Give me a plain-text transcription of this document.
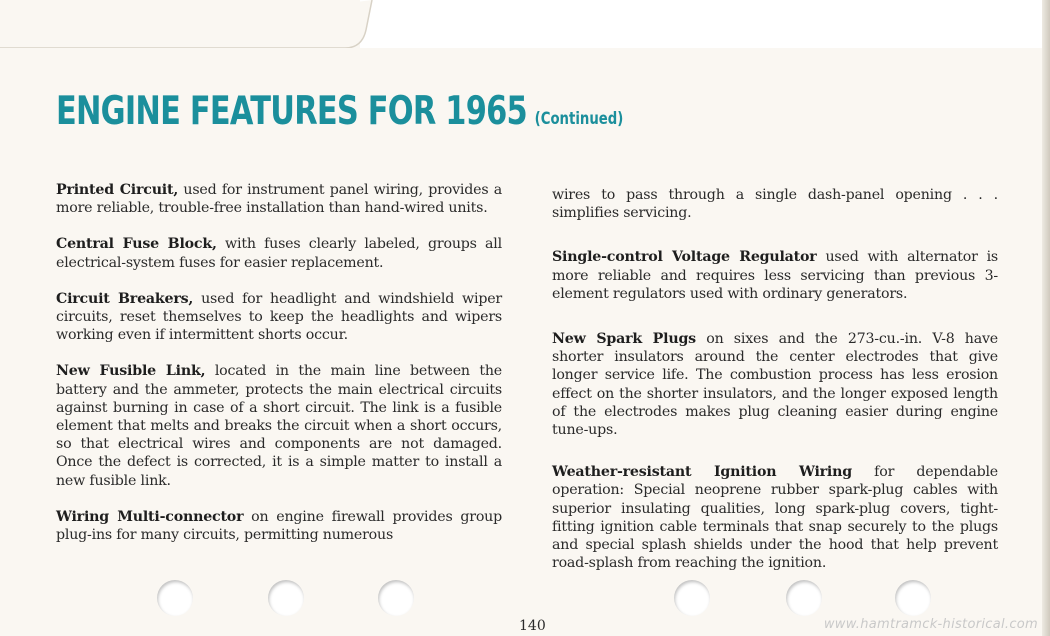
ENGINE FEATURES FOR 1965 (Continued)

Printed Circuit, used for instrument panel wiring, provides a more reliable, trouble-free installation than hand-wired units.

Central Fuse Block, with fuses clearly labeled, groups all electrical-system fuses for easier replacement.

Circuit Breakers, used for headlight and windshield wiper circuits, reset themselves to keep the headlights and wipers working even if intermittent shorts occur.

New Fusible Link, located in the main line between the battery and the ammeter, protects the main electrical circuits against burning in case of a short circuit. The link is a fusible element that melts and breaks the circuit when a short occurs, so that electrical wires and components are not damaged. Once the defect is corrected, it is a simple matter to install a new fusible link.

Wiring Multi-connector on engine firewall provides group plug-ins for many circuits, permitting numerous

wires to pass through a single dash-panel opening . . . simplifies servicing.

Single-control Voltage Regulator used with alternator is more reliable and requires less servicing than previous 3-element regulators used with ordinary generators.

New Spark Plugs on sixes and the 273-cu.-in. V-8 have shorter insulators around the center electrodes that give longer service life. The combustion process has less erosion effect on the shorter insulators, and the longer exposed length of the electrodes makes plug cleaning easier during engine tune-ups.

Weather-resistant Ignition Wiring for dependable operation: Special neoprene rubber spark-plug cables with superior insulating qualities, long spark-plug covers, tight-fitting ignition cable terminals that snap securely to the plugs and special splash shields under the hood that help prevent road-splash from reaching the ignition.

140	www.hamtramck-historical.com
